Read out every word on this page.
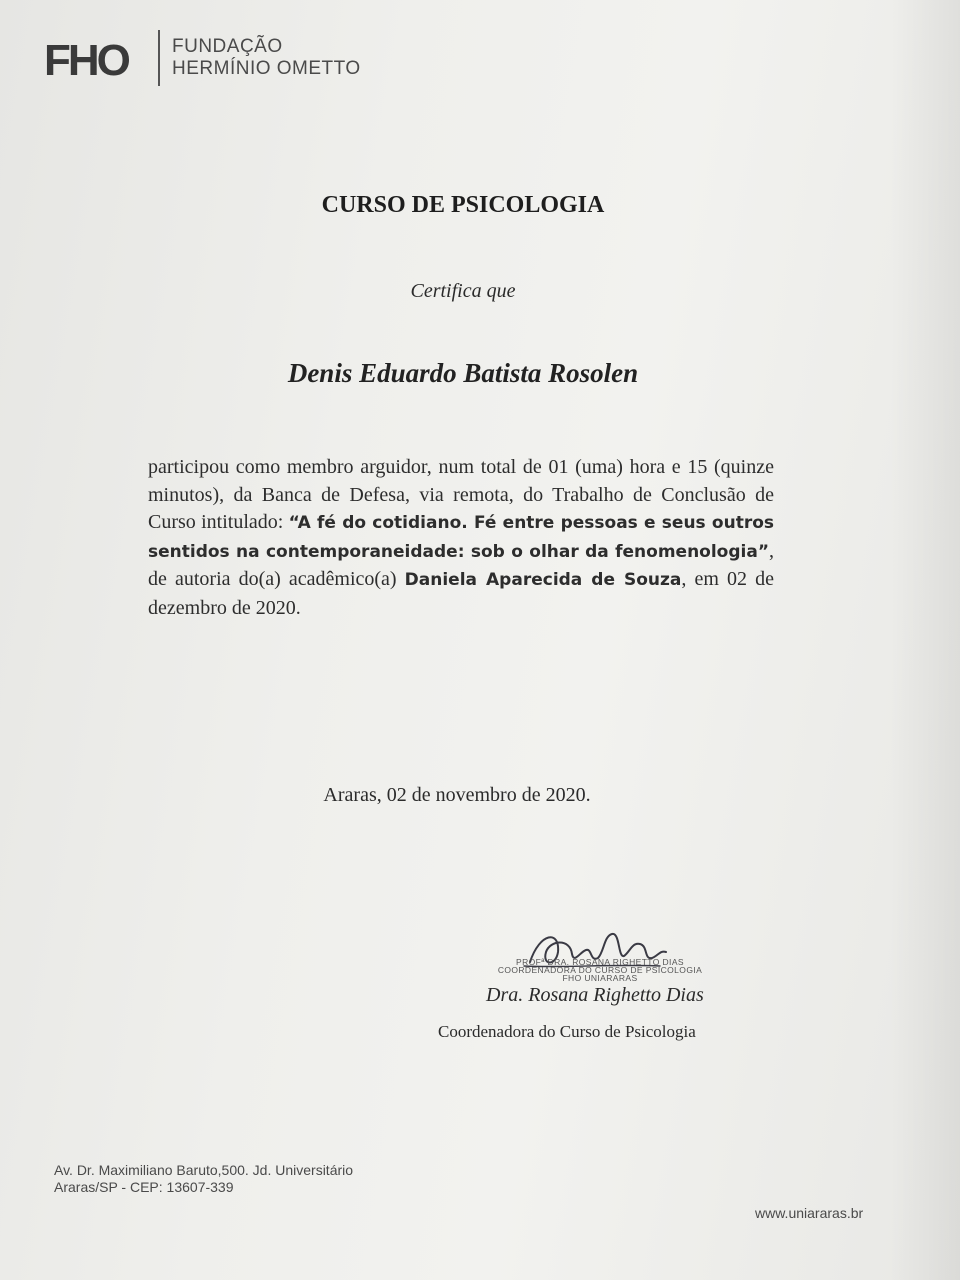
FHO FUNDAÇÃO
HERMÍNIO OMETTO
CURSO DE PSICOLOGIA
Certifica que
Denis Eduardo Batista Rosolen
participou como membro arguidor, num total de 01 (uma) hora e 15 (quinze minutos), da Banca de Defesa, via remota, do Trabalho de Conclusão de Curso intitulado: “A fé do cotidiano. Fé entre pessoas e seus outros sentidos na contemporaneidade: sob o olhar da fenomenologia”, de autoria do(a) acadêmico(a) Daniela Aparecida de Souza, em 02 de dezembro de 2020.
Araras, 02 de novembro de 2020.
PROFª DRA. ROSANA RIGHETTO DIAS
COORDENADORA DO CURSO DE PSICOLOGIA
FHO UNIARARAS
Dra. Rosana Righetto Dias
Coordenadora do Curso de Psicologia
Av. Dr. Maximiliano Baruto,500. Jd. Universitário
Araras/SP - CEP: 13607-339
www.uniararas.br
